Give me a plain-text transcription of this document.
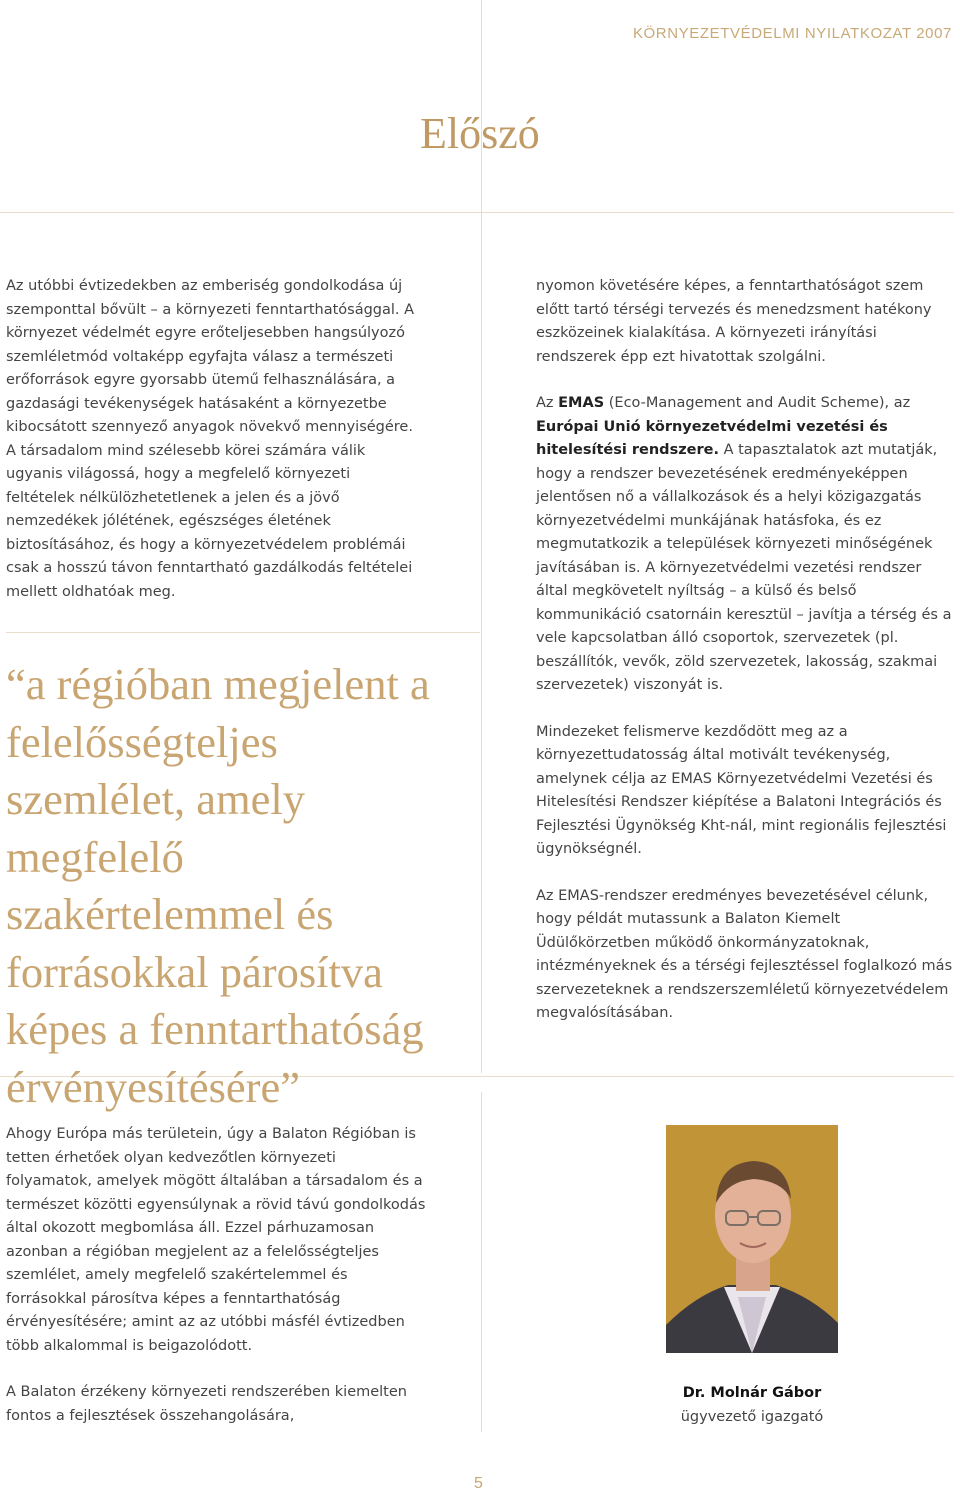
KÖRNYEZETVÉDELMI NYILATKOZAT 2007
Előszó

Az utóbbi évtizedekben az emberiség gondolkodása új szemponttal bővült – a környezeti fenntarthatósággal. A környezet védelmét egyre erőteljesebben hangsúlyozó szemléletmód voltaképp egyfajta válasz a természeti erőforrások egyre gyorsabb ütemű felhasználására, a gazdasági tevékenységek hatásaként a környezetbe kibocsátott szennyező anyagok növekvő mennyiségére. A társadalom mind szélesebb körei számára válik ugyanis világossá, hogy a megfelelő környezeti feltételek nélkülözhetetlenek a jelen és a jövő nemzedékek jólétének, egészséges életének biztosításához, és hogy a környezetvédelem problémái csak a hosszú távon fenntartható gazdálkodás feltételei mellett oldhatóak meg.

“a régióban megjelent a felelősségteljes szemlélet, amely megfelelő szakértelemmel és forrásokkal párosítva képes a fenntarthatóság érvényesítésére”

nyomon követésére képes, a fenntarthatóságot szem előtt tartó térségi tervezés és menedzsment hatékony eszközeinek kialakítása. A környezeti irányítási rendszerek épp ezt hivatottak szolgálni.

Az EMAS (Eco-Management and Audit Scheme), az Európai Unió környezetvédelmi vezetési és hitelesítési rendszere. A tapasztalatok azt mutatják, hogy a rendszer bevezetésének eredményeképpen jelentősen nő a vállalkozások és a helyi közigazgatás környezetvédelmi munkájának hatásfoka, és ez megmutatkozik a települések környezeti minőségének javításában is. A környezetvédelmi vezetési rendszer által megkövetelt nyíltság – a külső és belső kommunikáció csatornáin keresztül – javítja a térség és a vele kapcsolatban álló csoportok, szervezetek (pl. beszállítók, vevők, zöld szervezetek, lakosság, szakmai szervezetek) viszonyát is.

Mindezeket felismerve kezdődött meg az a környezettudatosság által motivált tevékenység, amelynek célja az EMAS Környezetvédelmi Vezetési és Hitelesítési Rendszer kiépítése a Balatoni Integrációs és Fejlesztési Ügynökség Kht-nál, mint regionális fejlesztési ügynökségnél.

Az EMAS-rendszer eredményes bevezetésével célunk, hogy példát mutassunk a Balaton Kiemelt Üdülőkörzetben működő önkormányzatoknak, intézményeknek és a térségi fejlesztéssel foglalkozó más szervezeteknek a rendszerszemléletű környezetvédelem megvalósításában.

Ahogy Európa más területein, úgy a Balaton Régióban is tetten érhetőek olyan kedvezőtlen környezeti folyamatok, amelyek mögött általában a társadalom és a természet közötti egyensúlynak a rövid távú gondolkodás által okozott megbomlása áll. Ezzel párhuzamosan azonban a régióban megjelent az a felelősségteljes szemlélet, amely megfelelő szakértelemmel és forrásokkal párosítva képes a fenntarthatóság érvényesítésére; amint az az utóbbi másfél évtizedben több alkalommal is beigazolódott.

A Balaton érzékeny környezeti rendszerében kiemelten fontos a fejlesztések összehangolására,

Dr. Molnár Gábor
ügyvezető igazgató
5
